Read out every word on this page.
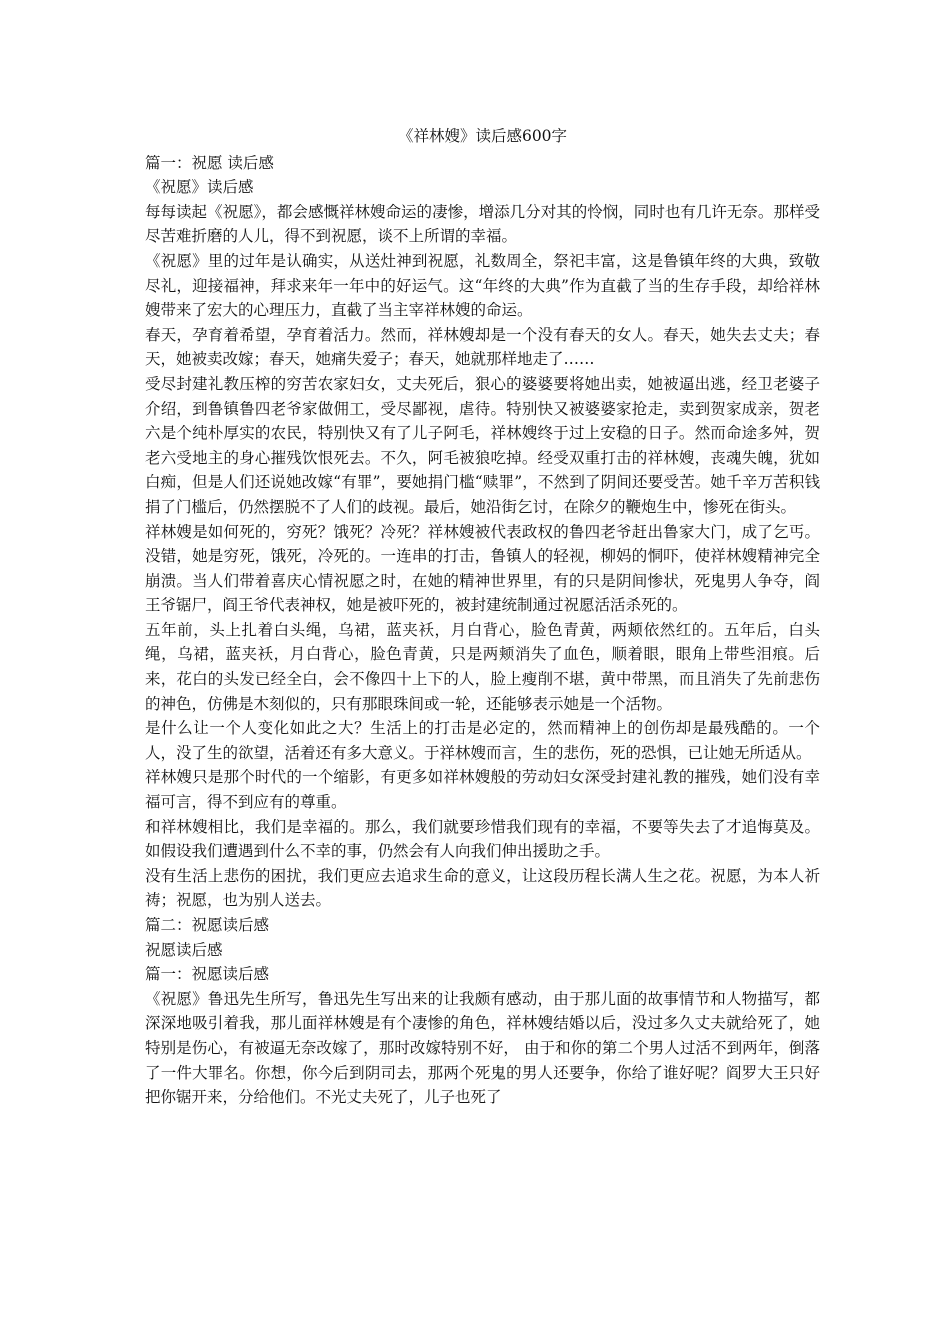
《祥林嫂》读后感600字
篇一：祝愿 读后感
《祝愿》读后感
每每读起《祝愿》，都会感慨祥林嫂命运的凄惨，增添几分对其的怜悯，同时也有几许无奈。那样受尽苦难折磨的人儿，得不到祝愿，谈不上所谓的幸福。
《祝愿》里的过年是认确实，从送灶神到祝愿，礼数周全，祭祀丰富，这是鲁镇年终的大典，致敬尽礼，迎接福神，拜求来年一年中的好运气。这“年终的大典”作为直截了当的生存手段，却给祥林嫂带来了宏大的心理压力，直截了当主宰祥林嫂的命运。
春天，孕育着希望，孕育着活力。然而，祥林嫂却是一个没有春天的女人。春天，她失去丈夫；春天，她被卖改嫁；春天，她痛失爱子；春天，她就那样地走了……
受尽封建礼教压榨的穷苦农家妇女，丈夫死后，狠心的婆婆要将她出卖，她被逼出逃，经卫老婆子介绍，到鲁镇鲁四老爷家做佣工，受尽鄙视，虐待。特别快又被婆婆家抢走，卖到贺家成亲，贺老六是个纯朴厚实的农民，特别快又有了儿子阿毛，祥林嫂终于过上安稳的日子。然而命途多舛，贺老六受地主的身心摧残饮恨死去。不久，阿毛被狼吃掉。经受双重打击的祥林嫂，丧魂失魄，犹如白痴，但是人们还说她改嫁“有罪”，要她捐门槛“赎罪”，不然到了阴间还要受苦。她千辛万苦积钱捐了门槛后，仍然摆脱不了人们的歧视。最后，她沿街乞讨，在除夕的鞭炮生中，惨死在街头。
祥林嫂是如何死的，穷死？饿死？冷死？祥林嫂被代表政权的鲁四老爷赶出鲁家大门，成了乞丐。没错，她是穷死，饿死，冷死的。一连串的打击，鲁镇人的轻视，柳妈的恫吓，使祥林嫂精神完全崩溃。当人们带着喜庆心情祝愿之时，在她的精神世界里，有的只是阴间惨状，死鬼男人争夺，阎王爷锯尸，阎王爷代表神权，她是被吓死的，被封建统制通过祝愿活活杀死的。
五年前，头上扎着白头绳，乌裙，蓝夹袄，月白背心，脸色青黄，两颊依然红的。五年后，白头绳，乌裙，蓝夹袄，月白背心，脸色青黄，只是两颊消失了血色，顺着眼，眼角上带些泪痕。后来，花白的头发已经全白，会不像四十上下的人，脸上瘦削不堪，黄中带黑，而且消失了先前悲伤的神色，仿佛是木刻似的，只有那眼珠间或一轮，还能够表示她是一个活物。
是什么让一个人变化如此之大？生活上的打击是必定的，然而精神上的创伤却是最残酷的。一个人，没了生的欲望，活着还有多大意义。于祥林嫂而言，生的悲伤，死的恐惧，已让她无所适从。
祥林嫂只是那个时代的一个缩影，有更多如祥林嫂般的劳动妇女深受封建礼教的摧残，她们没有幸福可言，得不到应有的尊重。
和祥林嫂相比，我们是幸福的。那么，我们就要珍惜我们现有的幸福，不要等失去了才追悔莫及。如假设我们遭遇到什么不幸的事，仍然会有人向我们伸出援助之手。
没有生活上悲伤的困扰，我们更应去追求生命的意义，让这段历程长满人生之花。祝愿，为本人祈祷；祝愿，也为别人送去。
篇二：祝愿读后感
祝愿读后感
篇一：祝愿读后感
《祝愿》鲁迅先生所写，鲁迅先生写出来的让我颇有感动，由于那儿面的故事情节和人物描写，都深深地吸引着我，那儿面祥林嫂是有个凄惨的角色，祥林嫂结婚以后，没过多久丈夫就给死了，她特别是伤心，有被逼无奈改嫁了，那时改嫁特别不好， 由于和你的第二个男人过活不到两年，倒落了一件大罪名。你想，你今后到阴司去，那两个死鬼的男人还要争，你给了谁好呢？阎罗大王只好把你锯开来，分给他们。不光丈夫死了，儿子也死了
